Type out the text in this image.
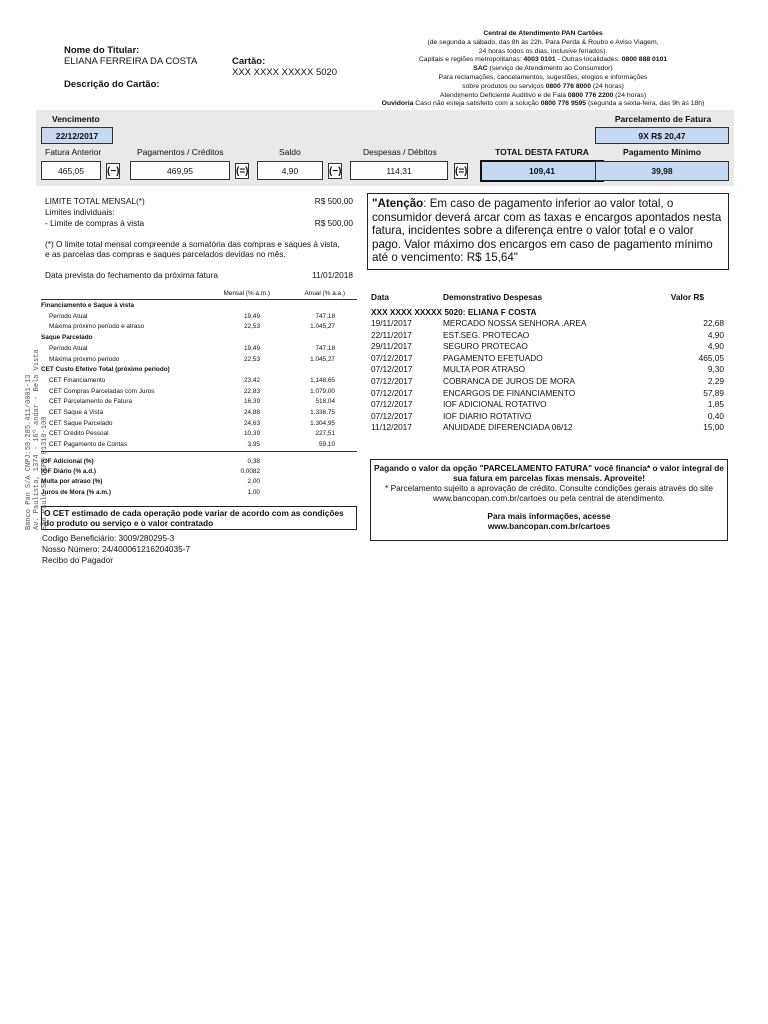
Nome do Titular:
ELIANA FERREIRA DA COSTA	Cartão:
XXX XXXX XXXXX 5020
Descrição do Cartão:
Central de Atendimento PAN Cartões
(de segunda a sábado, das 8h às 22h. Para Perda & Roubo e Aviso Viagem,
24 horas todos os dias, inclusive feriados).
Capitais e regiões metropolitanas: 4003 0101 - Outras localidades: 0800 888 0101
SAC (serviço de Atendimento ao Consumidor)
Para reclamações, cancelamentos, sugestões, elogios e informações
sobre produtos ou serviços 0800 776 8000 (24 horas)
Atendimento Deficiente Auditivo e de Fala 0800 776 2200 (24 horas)
Ouvidoria Caso não esteja satisfeito com a solução 0800 776 9595 (segunda a sexta-feira, das 9h às 18h)
Vencimento
22/12/2017
Parcelamento de Fatura
9X R$ 20,47
Fatura Anterior	Pagamentos / Créditos	Saldo	Despesas / Débitos	TOTAL DESTA FATURA	Pagamento Mínimo
465,05	(−)	469,95	(=)	4,90	(−)	114,31	(=)	109,41	39,98
LIMITE TOTAL MENSAL(*)	R$ 500,00
Limites individuais:
- Limite de compras à vista	R$ 500,00
(*) O limite total mensal compreende a somatória das compras e saques à vista,
e as parcelas das compras e saques parcelados devidas no mês.
Data prevista do fechamento da próxima fatura	11/01/2018
"Atenção: Em caso de pagamento inferior ao valor total, o consumidor deverá arcar com as taxas e encargos apontados nesta fatura, incidentes sobre a diferença entre o valor total e o valor pago. Valor máximo dos encargos em caso de pagamento mínimo até o vencimento: R$ 15,64"
Mensal (% a.m.)	Anual (% a.a.)
Financiamento e Saque à vista
Período Atual	19,49	747,18
Máxima próximo período e atraso	22,53	1.045,27
Saque Parcelado
Período Atual	19,49	747,18
Máxima próximo período	22,53	1.045,27
CET Custo Efetivo Total (próximo período)
CET Financiamento	23,42	1.148,65
CET Compras Parceladas com Juros	22,83	1.079,00
CET Parcelamento de Fatura	16,39	518,04
CET Saque à Vista	24,88	1.338,75
CET Saque Parcelado	24,63	1.304,95
CET Crédito Pessoal	10,39	227,51
CET Pagamento de Contas	3,95	59,10
IOF Adicional (%)	0,38
IOF Diário (% a.d.)	0,0082
Multa por atraso (%)	2,00
Juros de Mora (% a.m.)	1,00
O CET estimado de cada operação pode variar de acordo com as condições do produto ou serviço e o valor contratado
Codigo Beneficiário: 3009/280295-3
Nosso Número: 24/400061216204035-7
Recibo do Pagador
Banco Pan S/A CNPJ:59.285.411/0001-13 Av. Paulista, 1374 - 16º andar - Bela Vista São Paulo-SP CEP: 01310-100
Data	Demonstrativo Despesas	Valor R$
XXX XXXX XXXXX 5020: ELIANA F COSTA
19/11/2017	MERCADO NOSSA SENHORA .AREA	22,68
22/11/2017	EST.SEG. PROTECAO	4,90
29/11/2017	SEGURO PROTECAO	4,90
07/12/2017	PAGAMENTO EFETUADO	465,05
07/12/2017	MULTA POR ATRASO	9,30
07/12/2017	COBRANCA DE JUROS DE MORA	2,29
07/12/2017	ENCARGOS DE FINANCIAMENTO	57,89
07/12/2017	IOF ADICIONAL ROTATIVO	1,85
07/12/2017	IOF DIARIO ROTATIVO	0,40
11/12/2017	ANUIDADE DIFERENCIADA 06/12	15,00
Pagando o valor da opção "PARCELAMENTO FATURA" você financia* o valor integral de sua fatura em parcelas fixas mensais. Aproveite!
* Parcelamento sujeito a aprovação de crédito. Consulte condições gerais através do site www.bancopan.com.br/cartoes ou pela central de atendimento.
Para mais informações, acesse
www.bancopan.com.br/cartoes
